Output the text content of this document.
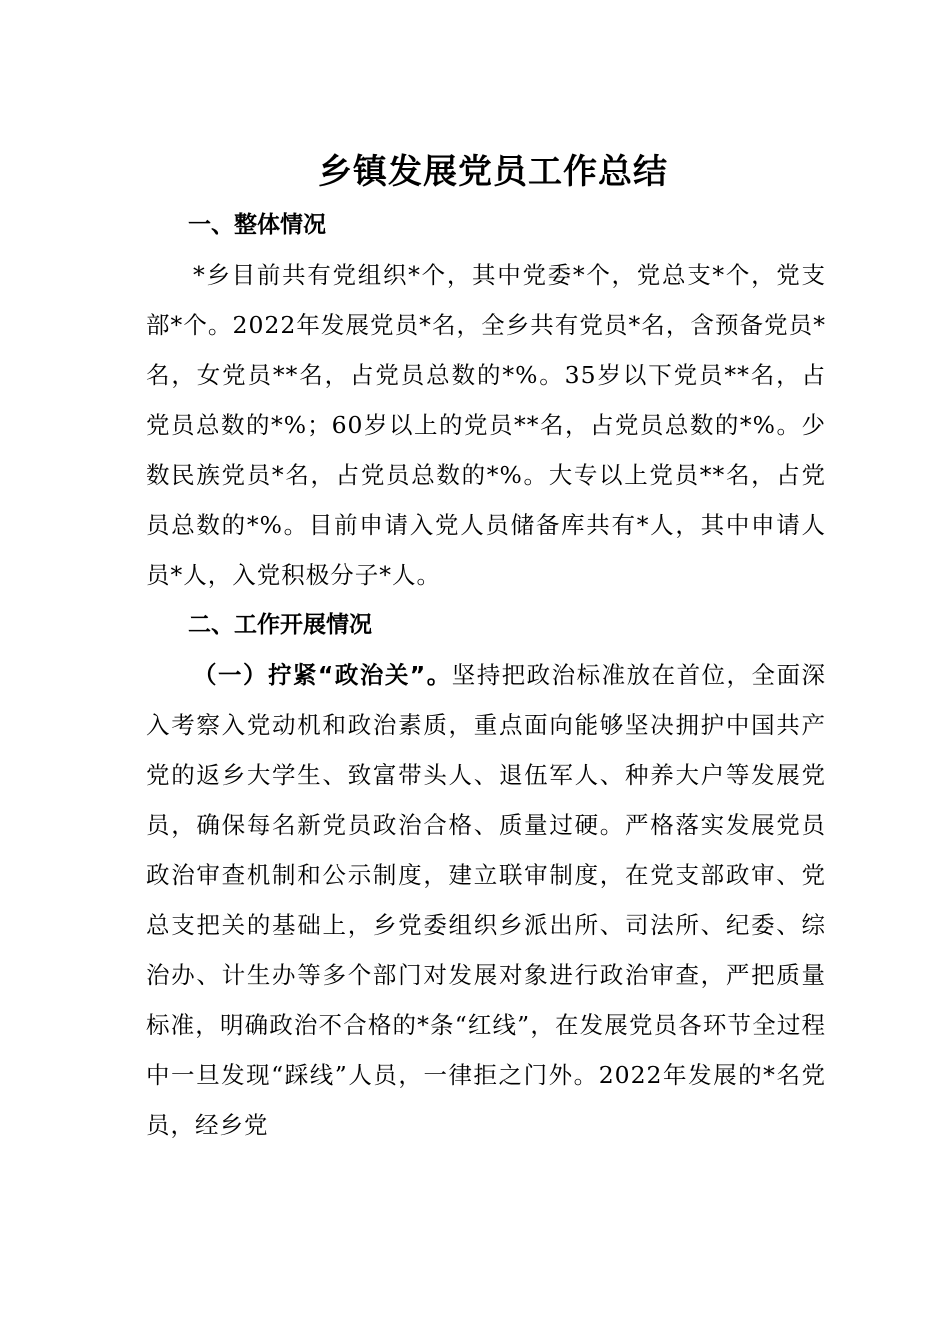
乡镇发展党员工作总结
一、整体情况

*乡目前共有党组织*个，其中党委*个，党总支*个，党支部*个。2022年发展党员*名，全乡共有党员*名，含预备党员*名，女党员**名，占党员总数的*%。35岁以下党员**名，占党员总数的*%；60岁以上的党员**名，占党员总数的*%。少数民族党员*名，占党员总数的*%。大专以上党员**名，占党员总数的*%。目前申请入党人员储备库共有*人，其中申请人员*人，入党积极分子*人。

二、工作开展情况

（一）拧紧“政治关”。坚持把政治标准放在首位，全面深入考察入党动机和政治素质，重点面向能够坚决拥护中国共产党的返乡大学生、致富带头人、退伍军人、种养大户等发展党员，确保每名新党员政治合格、质量过硬。严格落实发展党员政治审查机制和公示制度，建立联审制度，在党支部政审、党总支把关的基础上，乡党委组织乡派出所、司法所、纪委、综治办、计生办等多个部门对发展对象进行政治审查，严把质量标准，明确政治不合格的*条“红线”，在发展党员各环节全过程中一旦发现“踩线”人员，一律拒之门外。2022年发展的*名党员，经乡党
